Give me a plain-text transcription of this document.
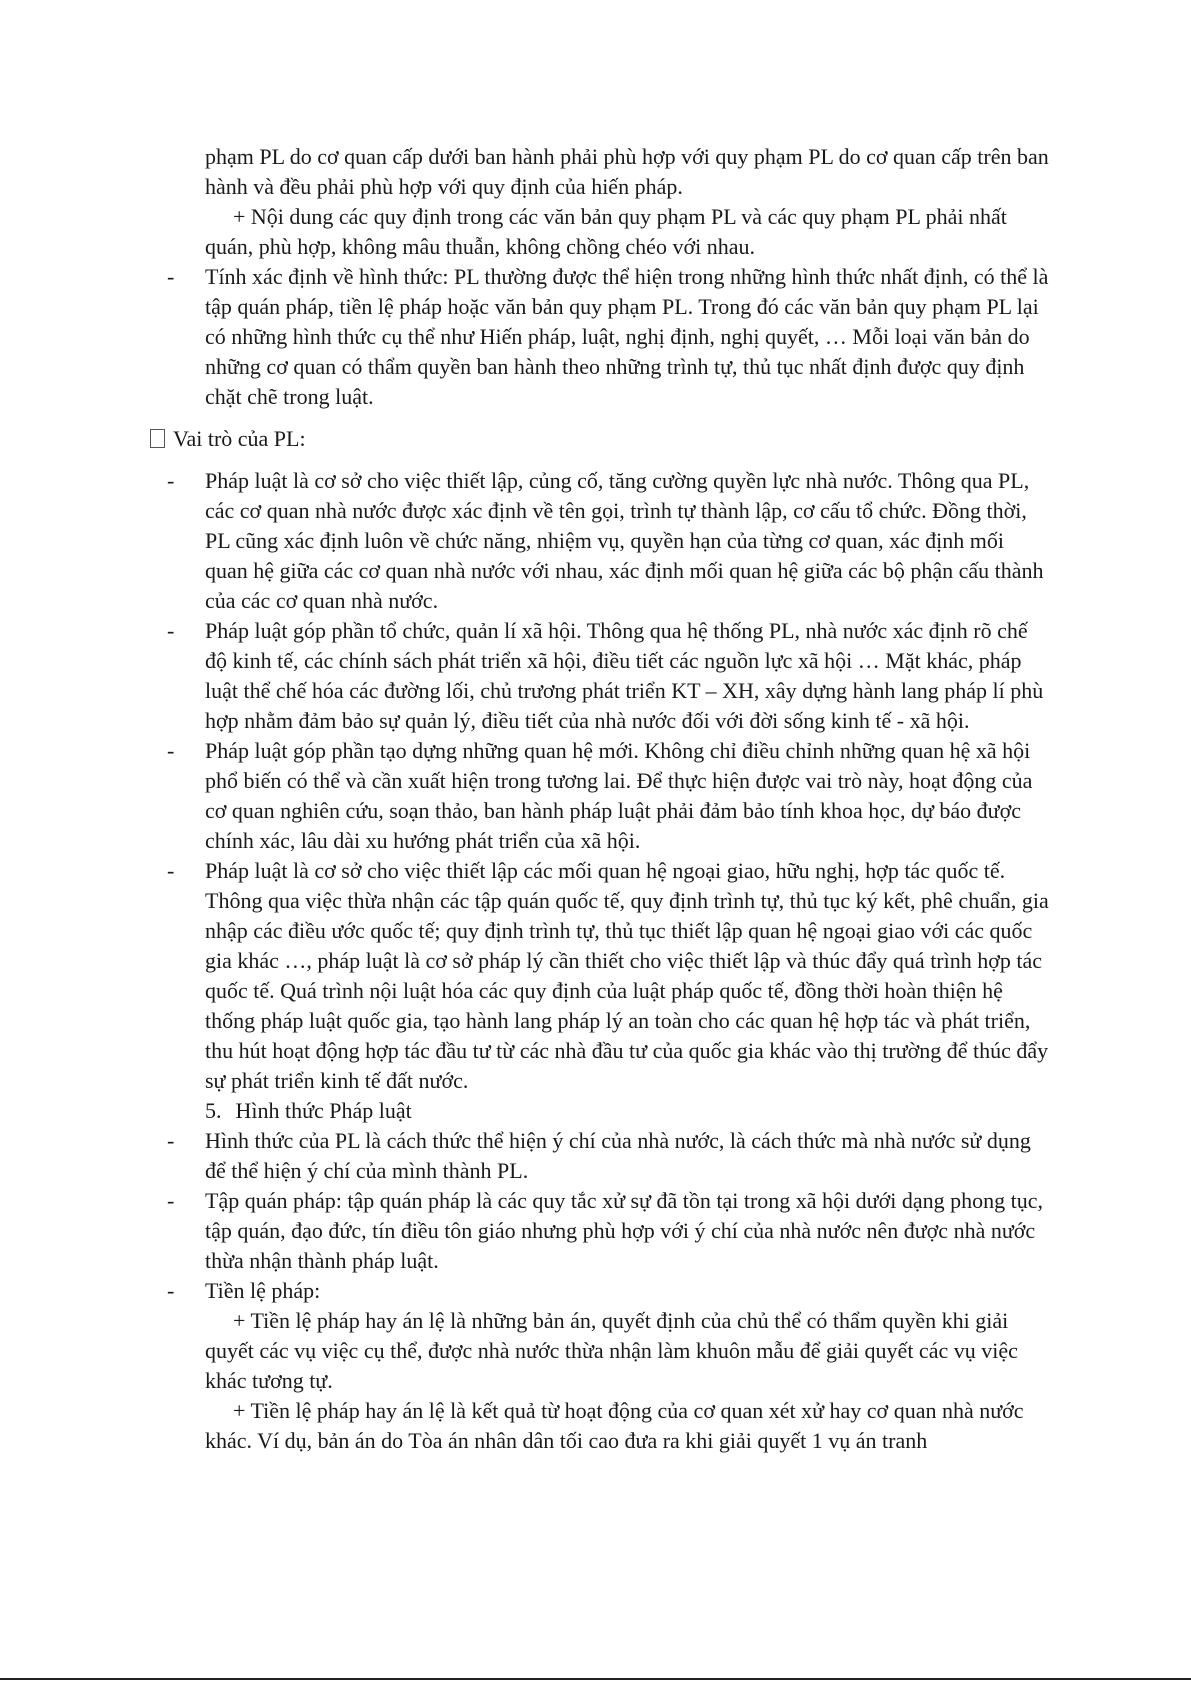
phạm PL do cơ quan cấp dưới ban hành phải phù hợp với quy phạm PL do cơ quan cấp trên ban hành và đều phải phù hợp với quy định của hiến pháp.
+ Nội dung các quy định trong các văn bản quy phạm PL và các quy phạm PL phải nhất quán, phù hợp, không mâu thuẫn, không chồng chéo với nhau.
- Tính xác định về hình thức: PL thường được thể hiện trong những hình thức nhất định, có thể là tập quán pháp, tiền lệ pháp hoặc văn bản quy phạm PL. Trong đó các văn bản quy phạm PL lại có những hình thức cụ thể như Hiến pháp, luật, nghị định, nghị quyết, … Mỗi loại văn bản do những cơ quan có thẩm quyền ban hành theo những trình tự, thủ tục nhất định được quy định chặt chẽ trong luật.
Vai trò của PL:
- Pháp luật là cơ sở cho việc thiết lập, củng cố, tăng cường quyền lực nhà nước. Thông qua PL, các cơ quan nhà nước được xác định về tên gọi, trình tự thành lập, cơ cấu tổ chức. Đồng thời, PL cũng xác định luôn về chức năng, nhiệm vụ, quyền hạn của từng cơ quan, xác định mối quan hệ giữa các cơ quan nhà nước với nhau, xác định mối quan hệ giữa các bộ phận cấu thành của các cơ quan nhà nước.
- Pháp luật góp phần tổ chức, quản lí xã hội. Thông qua hệ thống PL, nhà nước xác định rõ chế độ kinh tế, các chính sách phát triển xã hội, điều tiết các nguồn lực xã hội … Mặt khác, pháp luật thể chế hóa các đường lối, chủ trương phát triển KT – XH, xây dựng hành lang pháp lí phù hợp nhằm đảm bảo sự quản lý, điều tiết của nhà nước đối với đời sống kinh tế - xã hội.
- Pháp luật góp phần tạo dựng những quan hệ mới. Không chỉ điều chỉnh những quan hệ xã hội phổ biến có thể và cần xuất hiện trong tương lai. Để thực hiện được vai trò này, hoạt động của cơ quan nghiên cứu, soạn thảo, ban hành pháp luật phải đảm bảo tính khoa học, dự báo được chính xác, lâu dài xu hướng phát triển của xã hội.
- Pháp luật là cơ sở cho việc thiết lập các mối quan hệ ngoại giao, hữu nghị, hợp tác quốc tế. Thông qua việc thừa nhận các tập quán quốc tế, quy định trình tự, thủ tục ký kết, phê chuẩn, gia nhập các điều ước quốc tế; quy định trình tự, thủ tục thiết lập quan hệ ngoại giao với các quốc gia khác …, pháp luật là cơ sở pháp lý cần thiết cho việc thiết lập và thúc đẩy quá trình hợp tác quốc tế. Quá trình nội luật hóa các quy định của luật pháp quốc tế, đồng thời hoàn thiện hệ thống pháp luật quốc gia, tạo hành lang pháp lý an toàn cho các quan hệ hợp tác và phát triển, thu hút hoạt động hợp tác đầu tư từ các nhà đầu tư của quốc gia khác vào thị trường để thúc đẩy sự phát triển kinh tế đất nước.
5. Hình thức Pháp luật
- Hình thức của PL là cách thức thể hiện ý chí của nhà nước, là cách thức mà nhà nước sử dụng để thể hiện ý chí của mình thành PL.
- Tập quán pháp: tập quán pháp là các quy tắc xử sự đã tồn tại trong xã hội dưới dạng phong tục, tập quán, đạo đức, tín điều tôn giáo nhưng phù hợp với ý chí của nhà nước nên được nhà nước thừa nhận thành pháp luật.
- Tiền lệ pháp:
+ Tiền lệ pháp hay án lệ là những bản án, quyết định của chủ thể có thẩm quyền khi giải quyết các vụ việc cụ thể, được nhà nước thừa nhận làm khuôn mẫu để giải quyết các vụ việc khác tương tự.
+ Tiền lệ pháp hay án lệ là kết quả từ hoạt động của cơ quan xét xử hay cơ quan nhà nước khác. Ví dụ, bản án do Tòa án nhân dân tối cao đưa ra khi giải quyết 1 vụ án tranh
